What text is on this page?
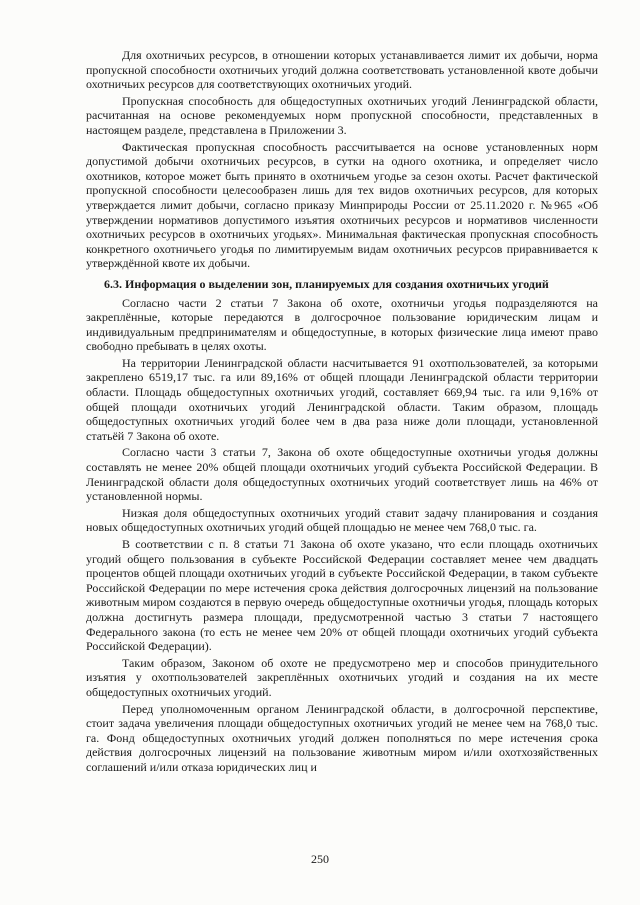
Для охотничьих ресурсов, в отношении которых устанавливается лимит их добычи, норма пропускной способности охотничьих угодий должна соответствовать установленной квоте добычи охотничьих ресурсов для соответствующих охотничьих угодий.

Пропускная способность для общедоступных охотничьих угодий Ленинградской области, расчитанная на основе рекомендуемых норм пропускной способности, представленных в настоящем разделе, представлена в Приложении 3.

Фактическая пропускная способность рассчитывается на основе установленных норм допустимой добычи охотничьих ресурсов, в сутки на одного охотника, и определяет число охотников, которое может быть принято в охотничьем угодье за сезон охоты. Расчет фактической пропускной способности целесообразен лишь для тех видов охотничьих ресурсов, для которых утверждается лимит добычи, согласно приказу Минприроды России от 25.11.2020 г. №965 «Об утверждении нормативов допустимого изъятия охотничьих ресурсов и нормативов численности охотничьих ресурсов в охотничьих угодьях». Минимальная фактическая пропускная способность конкретного охотничьего угодья по лимитируемым видам охотничьих ресурсов приравнивается к утверждённой квоте их добычи.

6.3. Информация о выделении зон, планируемых для создания охотничьих угодий

Согласно части 2 статьи 7 Закона об охоте, охотничьи угодья подразделяются на закреплённые, которые передаются в долгосрочное пользование юридическим лицам и индивидуальным предпринимателям и общедоступные, в которых физические лица имеют право свободно пребывать в целях охоты.

На территории Ленинградской области насчитывается 91 охотпользователей, за которыми закреплено 6519,17 тыс. га или 89,16% от общей площади Ленинградской области территории области. Площадь общедоступных охотничьих угодий, составляет 669,94 тыс. га или 9,16% от общей площади охотничьих угодий Ленинградской области. Таким образом, площадь общедоступных охотничьих угодий более чем в два раза ниже доли площади, установленной статьёй 7 Закона об охоте.

Согласно части 3 статьи 7, Закона об охоте общедоступные охотничьи угодья должны составлять не менее 20% общей площади охотничьих угодий субъекта Российской Федерации. В Ленинградской области доля общедоступных охотничьих угодий соответствует лишь на 46% от установленной нормы.

Низкая доля общедоступных охотничьих угодий ставит задачу планирования и создания новых общедоступных охотничьих угодий общей площадью не менее чем 768,0 тыс. га.

В соответствии с п. 8 статьи 71 Закона об охоте указано, что если площадь охотничьих угодий общего пользования в субъекте Российской Федерации составляет менее чем двадцать процентов общей площади охотничьих угодий в субъекте Российской Федерации, в таком субъекте Российской Федерации по мере истечения срока действия долгосрочных лицензий на пользование животным миром создаются в первую очередь общедоступные охотничьи угодья, площадь которых должна достигнуть размера площади, предусмотренной частью 3 статьи 7 настоящего Федерального закона (то есть не менее чем 20% от общей площади охотничьих угодий субъекта Российской Федерации).

Таким образом, Законом об охоте не предусмотрено мер и способов принудительного изъятия у охотпользователей закреплённых охотничьих угодий и создания на их месте общедоступных охотничьих угодий.

Перед уполномоченным органом Ленинградской области, в долгосрочной перспективе, стоит задача увеличения площади общедоступных охотничьих угодий не менее чем на 768,0 тыс. га. Фонд общедоступных охотничьих угодий должен пополняться по мере истечения срока действия долгосрочных лицензий на пользование животным миром и/или охотхозяйственных соглашений и/или отказа юридических лиц и

250
